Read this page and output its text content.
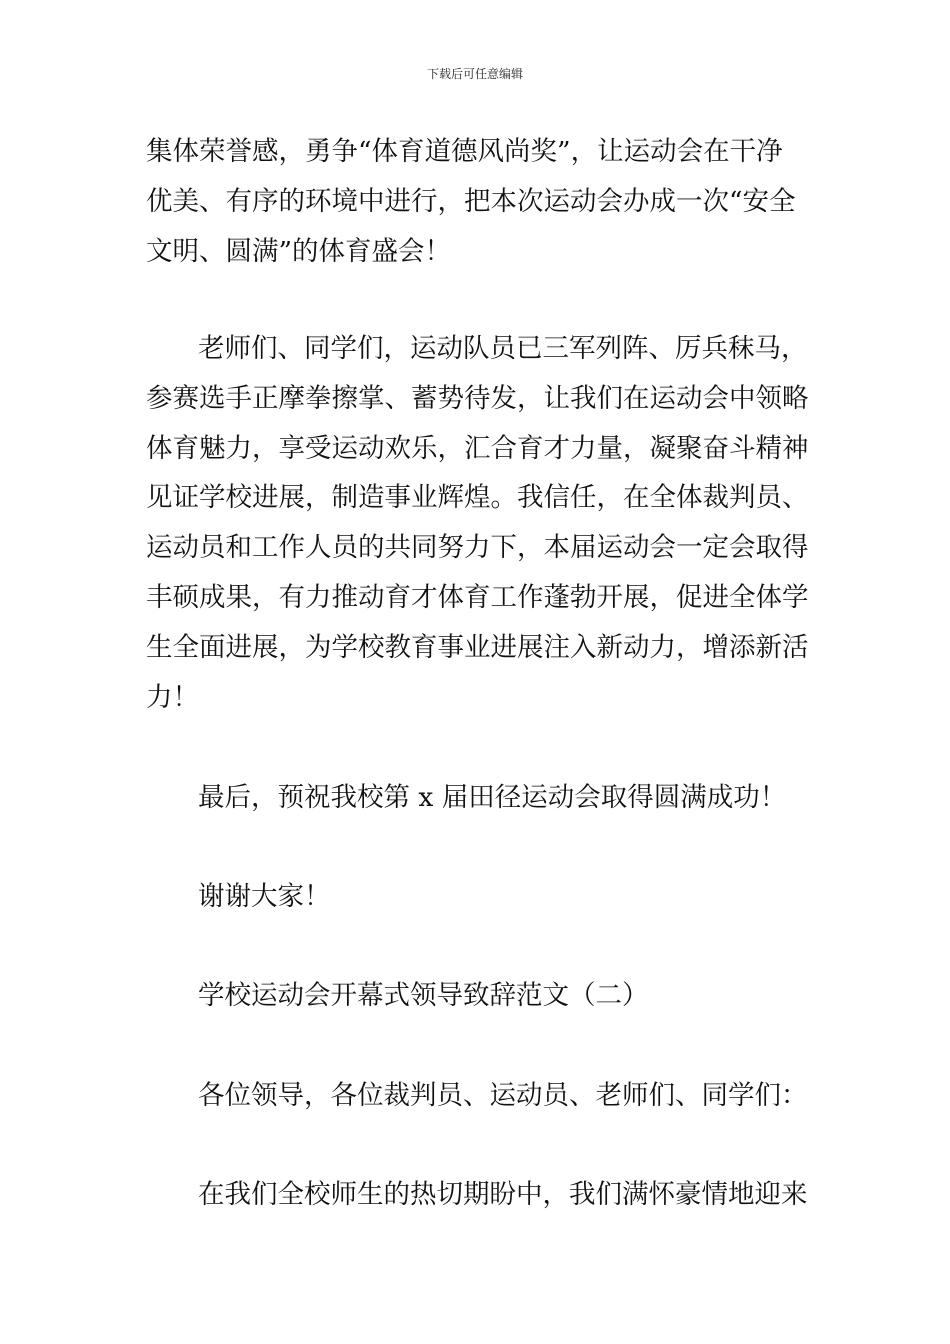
下载后可任意编辑
集体荣誉感，勇争“体育道德风尚奖”，让运动会在干净
优美、有序的环境中进行，把本次运动会办成一次“安全
文明、圆满”的体育盛会！
老师们、同学们，运动队员已三军列阵、厉兵秣马，
参赛选手正摩拳擦掌、蓄势待发，让我们在运动会中领略
体育魅力，享受运动欢乐，汇合育才力量，凝聚奋斗精神
见证学校进展，制造事业辉煌。我信任，在全体裁判员、
运动员和工作人员的共同努力下，本届运动会一定会取得
丰硕成果，有力推动育才体育工作蓬勃开展，促进全体学
生全面进展，为学校教育事业进展注入新动力，增添新活
力！

最后，预祝我校第 x 届田径运动会取得圆满成功！

谢谢大家！

学校运动会开幕式领导致辞范文（二）

各位领导，各位裁判员、运动员、老师们、同学们：

在我们全校师生的热切期盼中，我们满怀豪情地迎来
